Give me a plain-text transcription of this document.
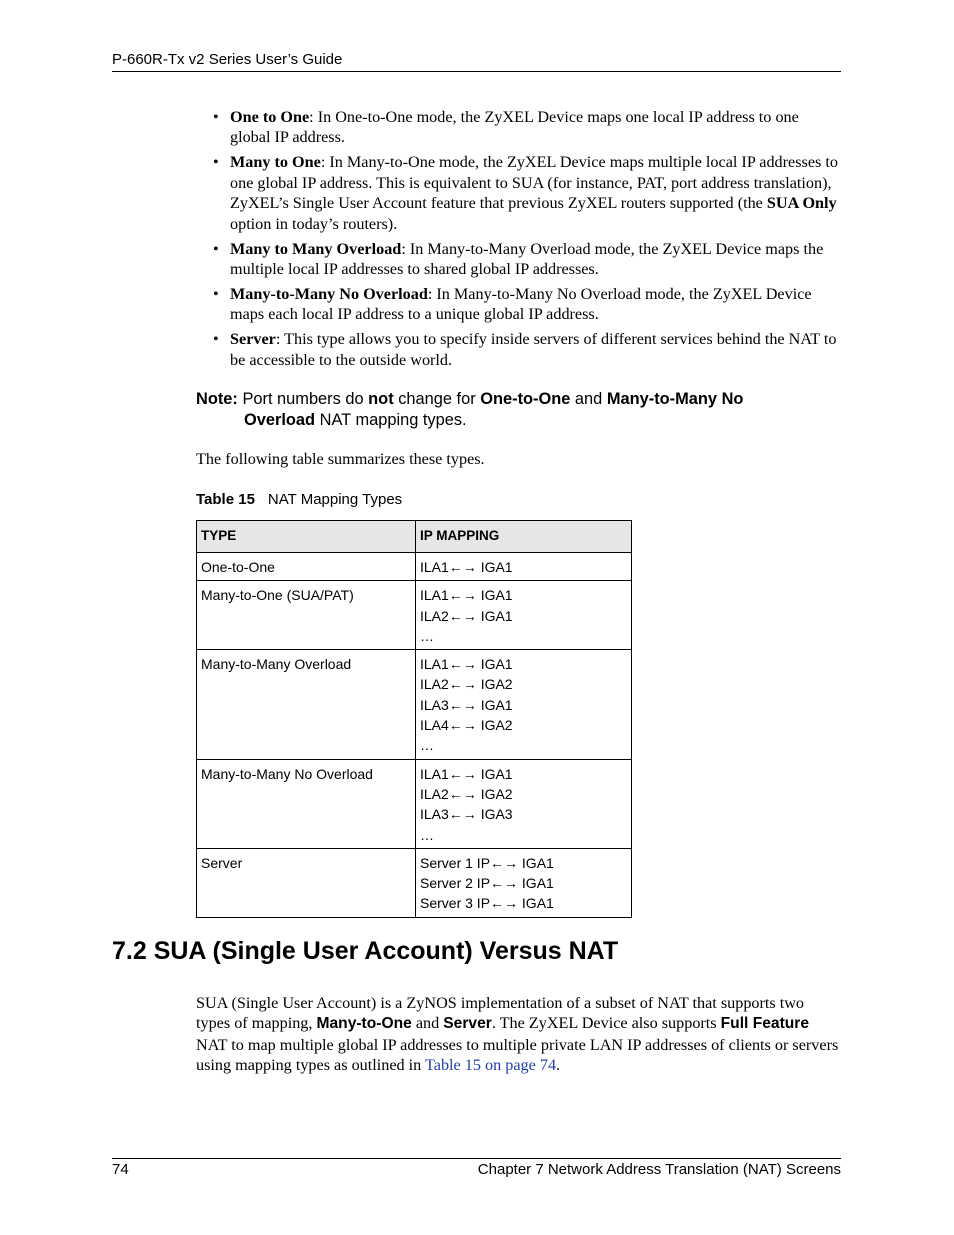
P-660R-Tx v2 Series User’s Guide
• One to One: In One-to-One mode, the ZyXEL Device maps one local IP address to one global IP address.
• Many to One: In Many-to-One mode, the ZyXEL Device maps multiple local IP addresses to one global IP address. This is equivalent to SUA (for instance, PAT, port address translation), ZyXEL’s Single User Account feature that previous ZyXEL routers supported (the SUA Only option in today’s routers).
• Many to Many Overload: In Many-to-Many Overload mode, the ZyXEL Device maps the multiple local IP addresses to shared global IP addresses.
• Many-to-Many No Overload: In Many-to-Many No Overload mode, the ZyXEL Device maps each local IP address to a unique global IP address.
• Server: This type allows you to specify inside servers of different services behind the NAT to be accessible to the outside world.
Note: Port numbers do not change for One-to-One and Many-to-Many No
Overload NAT mapping types.
The following table summarizes these types.
Table 15 NAT Mapping Types
TYPE	IP MAPPING
One-to-One	ILA1←→ IGA1

Many-to-One (SUA/PAT)	ILA1←→ IGA1
ILA2←→ IGA1
…

Many-to-Many Overload	ILA1←→ IGA1
ILA2←→ IGA2
ILA3←→ IGA1
ILA4←→ IGA2
…

Many-to-Many No Overload	ILA1←→ IGA1
ILA2←→ IGA2
ILA3←→ IGA3
…

Server	Server 1 IP←→ IGA1
Server 2 IP←→ IGA1
Server 3 IP←→ IGA1
7.2 SUA (Single User Account) Versus NAT
SUA (Single User Account) is a ZyNOS implementation of a subset of NAT that supports two types of mapping, Many-to-One and Server. The ZyXEL Device also supports Full Feature NAT to map multiple global IP addresses to multiple private LAN IP addresses of clients or servers using mapping types as outlined in Table 15 on page 74.
74	Chapter 7 Network Address Translation (NAT) Screens
